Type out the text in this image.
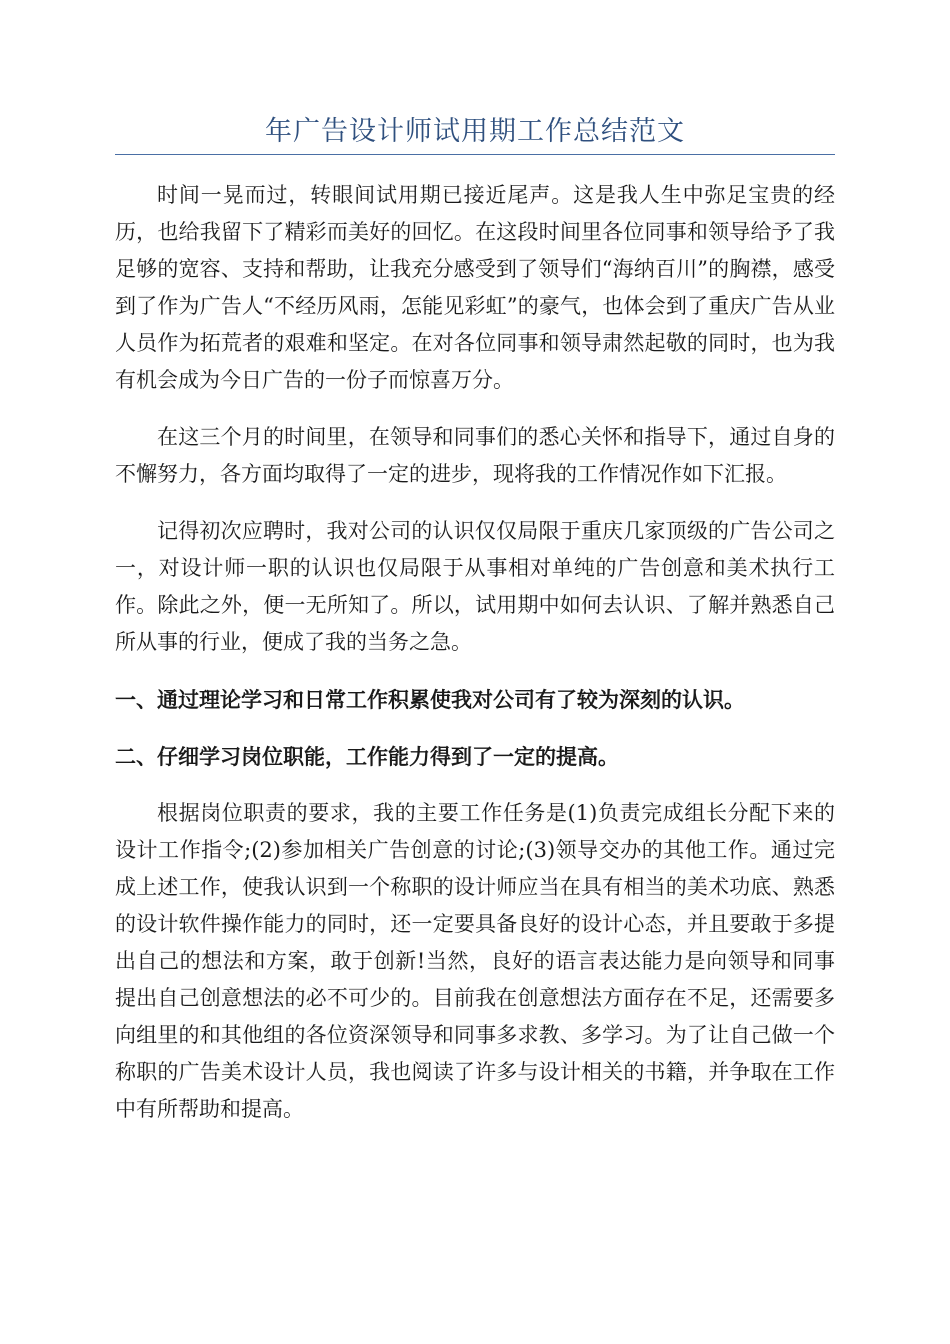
年广告设计师试用期工作总结范文

时间一晃而过，转眼间试用期已接近尾声。这是我人生中弥足宝贵的经历，也给我留下了精彩而美好的回忆。在这段时间里各位同事和领导给予了我足够的宽容、支持和帮助，让我充分感受到了领导们“海纳百川”的胸襟，感受到了作为广告人“不经历风雨，怎能见彩虹”的豪气，也体会到了重庆广告从业人员作为拓荒者的艰难和坚定。在对各位同事和领导肃然起敬的同时，也为我有机会成为今日广告的一份子而惊喜万分。

在这三个月的时间里，在领导和同事们的悉心关怀和指导下，通过自身的不懈努力，各方面均取得了一定的进步，现将我的工作情况作如下汇报。

记得初次应聘时，我对公司的认识仅仅局限于重庆几家顶级的广告公司之一，对设计师一职的认识也仅局限于从事相对单纯的广告创意和美术执行工作。除此之外，便一无所知了。所以，试用期中如何去认识、了解并熟悉自己所从事的行业，便成了我的当务之急。

一、通过理论学习和日常工作积累使我对公司有了较为深刻的认识。

二、仔细学习岗位职能，工作能力得到了一定的提高。

根据岗位职责的要求，我的主要工作任务是(1)负责完成组长分配下来的设计工作指令;(2)参加相关广告创意的讨论;(3)领导交办的其他工作。通过完成上述工作，使我认识到一个称职的设计师应当在具有相当的美术功底、熟悉的设计软件操作能力的同时，还一定要具备良好的设计心态，并且要敢于多提出自己的想法和方案，敢于创新!当然，良好的语言表达能力是向领导和同事提出自己创意想法的必不可少的。目前我在创意想法方面存在不足，还需要多向组里的和其他组的各位资深领导和同事多求教、多学习。为了让自己做一个称职的广告美术设计人员，我也阅读了许多与设计相关的书籍，并争取在工作中有所帮助和提高。
